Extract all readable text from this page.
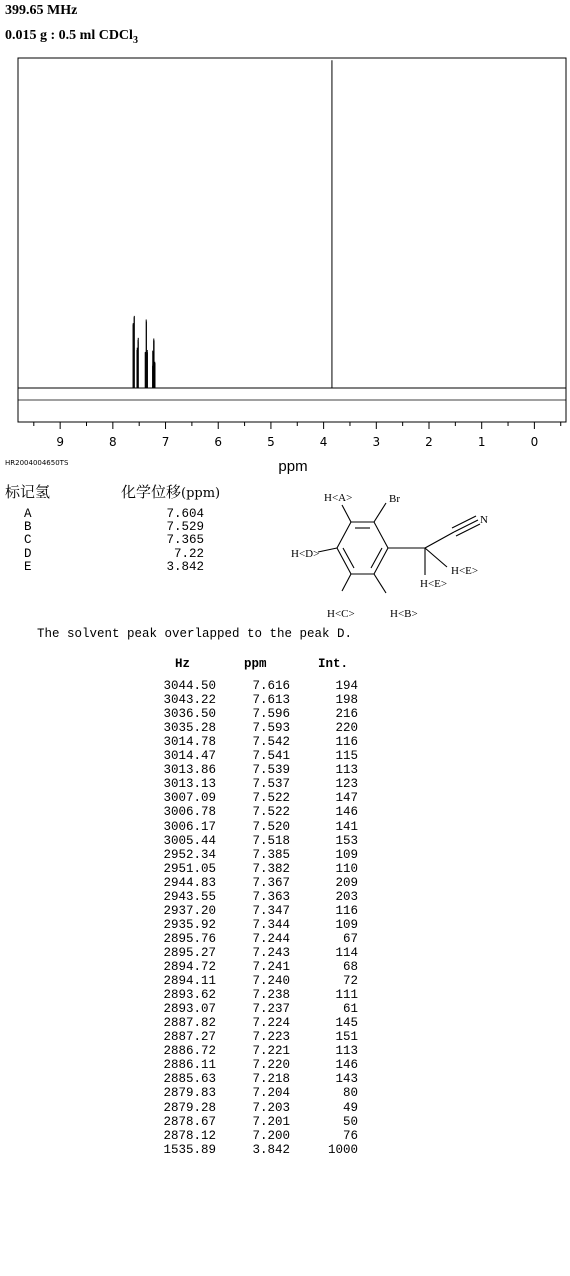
399.65 MHz
0.015 g : 0.5 ml CDCl$_3$
9	8	7	6	5	4	3	2	1	0
ppm
HR2004004650TS
标记氢	化学位移(ppm)
A	7.604
B	7.529
C	7.365
D	7.22
E	3.842
H<A>	Br
N
H<D>
H<E>
H<E>
H<C>	H<B>
The solvent peak overlapped to the peak D.
Hz	ppm	Int.
3044.50	7.616	194
3043.22	7.613	198
3036.50	7.596	216
3035.28	7.593	220
3014.78	7.542	116
3014.47	7.541	115
3013.86	7.539	113
3013.13	7.537	123
3007.09	7.522	147
3006.78	7.522	146
3006.17	7.520	141
3005.44	7.518	153
2952.34	7.385	109
2951.05	7.382	110
2944.83	7.367	209
2943.55	7.363	203
2937.20	7.347	116
2935.92	7.344	109
2895.76	7.244	67
2895.27	7.243	114
2894.72	7.241	68
2894.11	7.240	72
2893.62	7.238	111
2893.07	7.237	61
2887.82	7.224	145
2887.27	7.223	151
2886.72	7.221	113
2886.11	7.220	146
2885.63	7.218	143
2879.83	7.204	80
2879.28	7.203	49
2878.67	7.201	50
2878.12	7.200	76
1535.89	3.842	1000
